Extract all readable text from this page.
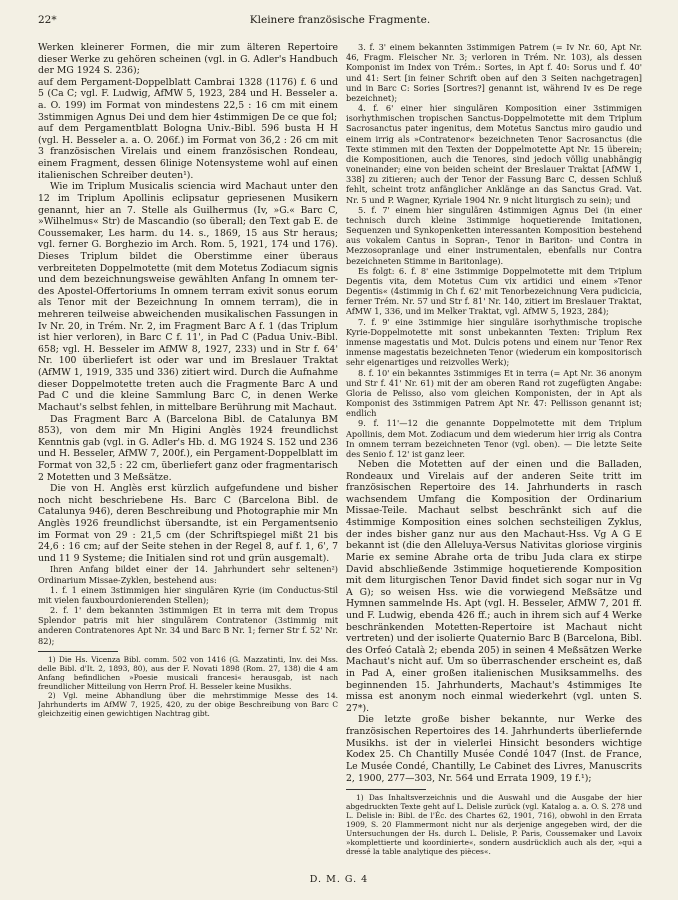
22*	Kleinere französische Fragmente.

Werken kleinerer Formen, die mir zum älteren Repertoire dieser Werke zu gehören scheinen (vgl. in G. Adler's Handbuch der MG 1924 S. 236);

auf dem Pergament-Doppelblatt Cambrai 1328 (1176) f. 6 und 5 (Ca C; vgl. F. Ludwig, AfMW 5, 1923, 284 und H. Besseler a. a. O. 199) im Format von mindestens 22,5 : 16 cm mit einem 3stimmigen Agnus Dei und dem hier 4stimmigen De ce que fol;

auf dem Pergamentblatt Bologna Univ.-Bibl. 596 busta H H (vgl. H. Besseler a. a. O. 206f.) im Format von 36,2 : 26 cm mit 3 französischen Virelais und einem französischen Rondeau, einem Fragment, dessen 6linige Notensysteme wohl auf einen italienischen Schreiber deuten¹).

Wie im Triplum Musicalis sciencia wird Machaut unter den 12 im Triplum Apollinis eclipsatur gepriesenen Musikern genannt, hier an 7. Stelle als Guilhermus (Iv, »G.« Barc C, »Wilhelmus« Str) de Mascandio (so überall; den Text gab E. de Coussemaker, Les harm. du 14. s., 1869, 15 aus Str heraus; vgl. ferner G. Borghezio im Arch. Rom. 5, 1921, 174 und 176). Dieses Triplum bildet die Oberstimme einer überaus verbreiteten Doppelmotette (mit dem Motetus Zodiacum signis und dem bezeichnungsweise gewählten Anfang In omnem ter- des Apostel-Offertoriums In omnem terram exivit sonus eorum als Tenor mit der Bezeichnung In omnem terram), die in mehreren teilweise abweichenden musikalischen Fassungen in Iv Nr. 20, in Trém. Nr. 2, im Fragment Barc A f. 1 (das Triplum ist hier verloren), in Barc C f. 11', in Pad C (Padua Univ.-Bibl. 658; vgl. H. Besseler im AfMW 8, 1927, 233) und in Str f. 64' Nr. 100 überliefert ist oder war und im Breslauer Traktat (AfMW 1, 1919, 335 und 336) zitiert wird. Durch die Aufnahme dieser Doppelmotette treten auch die Fragmente Barc A und Pad C und die kleine Sammlung Barc C, in denen Werke Machaut's selbst fehlen, in mittelbare Berührung mit Machaut.

Das Fragment Barc A (Barcelona Bibl. de Catalunya BM 853), von dem mir Mn Higini Anglès 1924 freundlichst Kenntnis gab (vgl. in G. Adler's Hb. d. MG 1924 S. 152 und 236 und H. Besseler, AfMW 7, 200f.), ein Pergament-Doppelblatt im Format von 32,5 : 22 cm, überliefert ganz oder fragmentarisch 2 Motetten und 3 Meßsätze.

Die von H. Anglès erst kürzlich aufgefundene und bisher noch nicht beschriebene Hs. Barc C (Barcelona Bibl. de Catalunya 946), deren Beschreibung und Photographie mir Mn Anglès 1926 freundlichst übersandte, ist ein Pergamentsenio im Format von 29 : 21,5 cm (der Schriftspiegel mißt 21 bis 24,6 : 16 cm; auf der Seite stehen in der Regel 8, auf f. 1, 6', 7 und 11 9 Systeme; die Initialen sind rot und grün ausgemalt).

Ihren Anfang bildet einer der 14. Jahrhundert sehr seltenen²) Ordinarium Missae-Zyklen, bestehend aus:

1. f. 1 einem 3stimmigen hier singulären Kyrie (im Conductus-Stil mit vielen fauxbourdonierenden Stellen);

2. f. 1' dem bekannten 3stimmigen Et in terra mit dem Tropus Splendor patris mit hier singulärem Contratenor (3stimmig mit anderen Contratenores Apt Nr. 34 und Barc B Nr. 1; ferner Str f. 52' Nr. 82);

1) Die Hs. Vicenza Bibl. comm. 502 von 1416 (G. Mazzatinti, Inv. dei Mss. delle Bibl. d'It. 2, 1893, 80), aus der F. Novati 1898 (Rom. 27, 138) die 4 am Anfang befindlichen »Poesie musicali francesi« herausgab, ist nach freundlicher Mitteilung von Herrn Prof. H. Besseler keine Musikhs.

2) Vgl. meine Abhandlung über die mehrstimmige Messe des 14. Jahrhunderts im AfMW 7, 1925, 420, zu der obige Beschreibung von Barc C gleichzeitig einen gewichtigen Nachtrag gibt.

3. f. 3' einem bekannten 3stimmigen Patrem (= Iv Nr. 60, Apt Nr. 46, Fragm. Fleischer Nr. 3; verloren in Trém. Nr. 103), als dessen Komponist im Index von Trém.: Sortes, in Apt f. 40: Sorus und f. 40' und 41: Sert [in feiner Schrift oben auf den 3 Seiten nachgetragen] und in Barc C: Sories [Sortres?] genannt ist, während Iv es De rege bezeichnet);

4. f. 6' einer hier singulären Komposition einer 3stimmigen isorhythmischen tropischen Sanctus-Doppelmotette mit dem Triplum Sacrosanctus pater ingenitus, dem Motetus Sanctus miro gaudio und einem irrig als »Contratenor« bezeichneten Tenor Sacrosanctus (die Texte stimmen mit den Texten der Doppelmotette Apt Nr. 15 überein; die Kompositionen, auch die Tenores, sind jedoch völlig unabhängig voneinander; eine von beiden scheint der Breslauer Traktat [AfMW 1, 338] zu zitieren; auch der Tenor der Fassung Barc C, dessen Schluß fehlt, scheint trotz anfänglicher Anklänge an das Sanctus Grad. Vat. Nr. 5 und P. Wagner, Kyriale 1904 Nr. 9 nicht liturgisch zu sein); und

5. f. 7' einem hier singulären 4stimmigen Agnus Dei (in einer technisch durch kleine 3stimmige hoquetierende Imitationen, Sequenzen und Synkopenketten interessanten Komposition bestehend aus vokalem Cantus in Sopran-, Tenor in Bariton- und Contra in Mezzosopranlage und einer instrumentalen, ebenfalls nur Contra bezeichneten Stimme in Baritonlage).

Es folgt: 6. f. 8' eine 3stimmige Doppelmotette mit dem Triplum Degentis vita, dem Motetus Cum vix artidici und einem »Tenor Degentis« (4stimmig in Ch f. 62' mit Tenorbezeichnung Vera pudicicia, ferner Trém. Nr. 57 und Str f. 81' Nr. 140, zitiert im Breslauer Traktat, AfMW 1, 336, und im Melker Traktat, vgl. AfMW 5, 1923, 284);

7. f. 9' eine 3stimmige hier singuläre isorhythmische tropische Kyrie-Doppelmotette mit sonst unbekannten Texten: Triplum Rex inmense magestatis und Mot. Dulcis potens und einem nur Tenor Rex inmense magestatis bezeichneten Tenor (wiederum ein kompositorisch sehr eigenartiges und reizvolles Werk);

8. f. 10' ein bekanntes 3stimmiges Et in terra (= Apt Nr. 36 anonym und Str f. 41' Nr. 61) mit der am oberen Rand rot zugefügten Angabe: Gloria de Pelisso, also vom gleichen Komponisten, der in Apt als Komponist des 3stimmigen Patrem Apt Nr. 47: Pellisson genannt ist; endlich

9. f. 11'—12 die genannte Doppelmotette mit dem Triplum Apollinis, dem Mot. Zodiacum und dem wiederum hier irrig als Contra In omnem terram bezeichneten Tenor (vgl. oben). — Die letzte Seite des Senio f. 12' ist ganz leer.

Neben die Motetten auf der einen und die Balladen, Rondeaux und Virelais auf der anderen Seite tritt im französischen Repertoire des 14. Jahrhunderts in rasch wachsendem Umfang die Komposition der Ordinarium Missae-Teile. Machaut selbst beschränkt sich auf die 4stimmige Komposition eines solchen sechsteiligen Zyklus, der indes bisher ganz nur aus den Machaut-Hss. Vg A G E bekannt ist (die den Alleluya-Versus Nativitas gloriose virginis Marie ex semine Abrahe orta de tribu Juda clara ex stirpe David abschließende 3stimmige hoquetierende Komposition mit dem liturgischen Tenor David findet sich sogar nur in Vg A G); so weisen Hss. wie die vorwiegend Meßsätze und Hymnen sammelnde Hs. Apt (vgl. H. Besseler, AfMW 7, 201 ff. und F. Ludwig, ebenda 426 ff.; auch in ihrem sich auf 4 Werke beschränkenden Motetten-Repertoire ist Machaut nicht vertreten) und der isolierte Quaternio Barc B (Barcelona, Bibl. des Orfeó Català 2; ebenda 205) in seinen 4 Meßsätzen Werke Machaut's nicht auf. Um so überraschender erscheint es, daß in Pad A, einer großen italienischen Musiksammelhs. des beginnenden 15. Jahrhunderts, Machaut's 4stimmiges Ite missa est anonym noch einmal wiederkehrt (vgl. unten S. 27*).

Die letzte große bisher bekannte, nur Werke des französischen Repertoires des 14. Jahrhunderts überliefernde Musikhs. ist der in vielerlei Hinsicht besonders wichtige Kodex 25. Ch Chantilly Musée Condé 1047 (Inst. de France, Le Musée Condé, Chantilly, Le Cabinet des Livres, Manuscrits 2, 1900, 277—303, Nr. 564 und Errata 1909, 19 f.¹);

1) Das Inhaltsverzeichnis und die Auswahl und die Ausgabe der hier abgedruckten Texte geht auf L. Delisle zurück (vgl. Katalog a. a. O. S. 278 und L. Delisle in: Bibl. de l'Éc. des Chartes 62, 1901, 716), obwohl in den Errata 1909, S. 20 Flammermont nicht nur als derjenige angegeben wird, der die Untersuchungen der Hs. durch L. Delisle, P. Paris, Coussemaker und Lavoix »komplettierte und koordinierte«, sondern ausdrücklich auch als der, »qui a dressé la table analytique des pièces«.

D. M. G. 4
